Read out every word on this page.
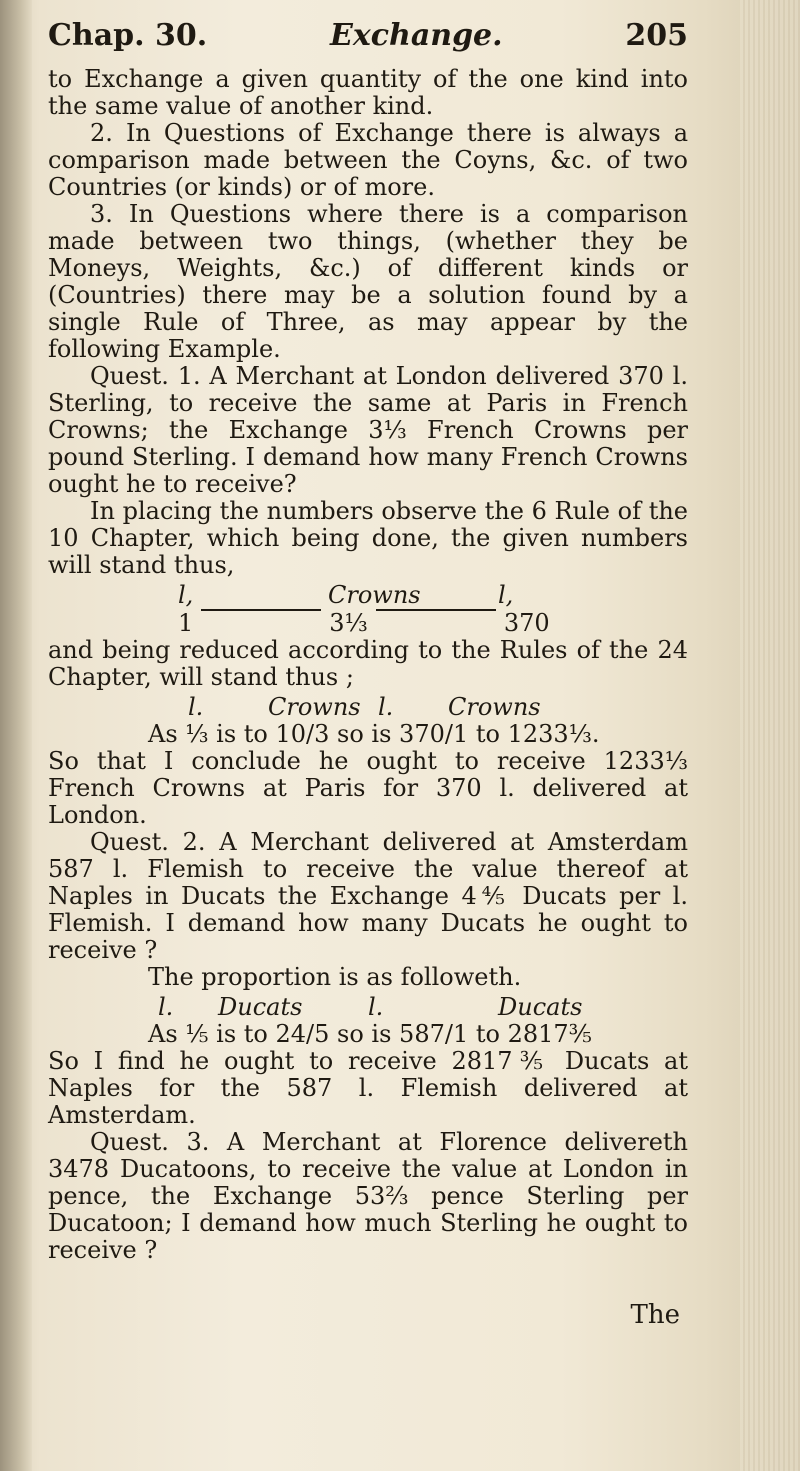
Chap. 30.	Exchange.	205

to Exchange a given quantity of the one kind into the same value of another kind.

2. In Questions of Exchange there is always a comparison made between the Coyns, &c. of two Countries (or kinds) or of more.

3. In Questions where there is a comparison made between two things, (whether they be Moneys, Weights, &c.) of different kinds or (Countries) there may be a solution found by a single Rule of Three, as may appear by the following Example.

Quest. 1. A Merchant at London delivered 370 l. Sterling, to receive the same at Paris in French Crowns; the Exchange 3⅓ French Crowns per pound Sterling. I demand how many French Crowns ought he to receive?

In placing the numbers observe the 6 Rule of the 10 Chapter, which being done, the given numbers will stand thus,

l,	Crowns	l,
1	3⅓	370

and being reduced according to the Rules of the 24 Chapter, will stand thus ;

l.	Crowns l.	Crowns

As ⅓ is to 10/3 so is 370/1 to 1233⅓.

So that I conclude he ought to receive 1233⅓ French Crowns at Paris for 370 l. delivered at London.

Quest. 2. A Merchant delivered at Amsterdam 587 l. Flemish to receive the value thereof at Naples in Ducats the Exchange 4⅘ Ducats per l. Flemish. I demand how many Ducats he ought to receive ?

The proportion is as followeth.

l.	Ducats	l.	Ducats

As ⅕ is to 24/5 so is 587/1 to 2817⅗

So I find he ought to receive 2817⅗ Ducats at Naples for the 587 l. Flemish delivered at Amsterdam.

Quest. 3. A Merchant at Florence delivereth 3478 Ducatoons, to receive the value at London in pence, the Exchange 53⅔ pence Sterling per Ducatoon; I demand how much Sterling he ought to receive ?

The
